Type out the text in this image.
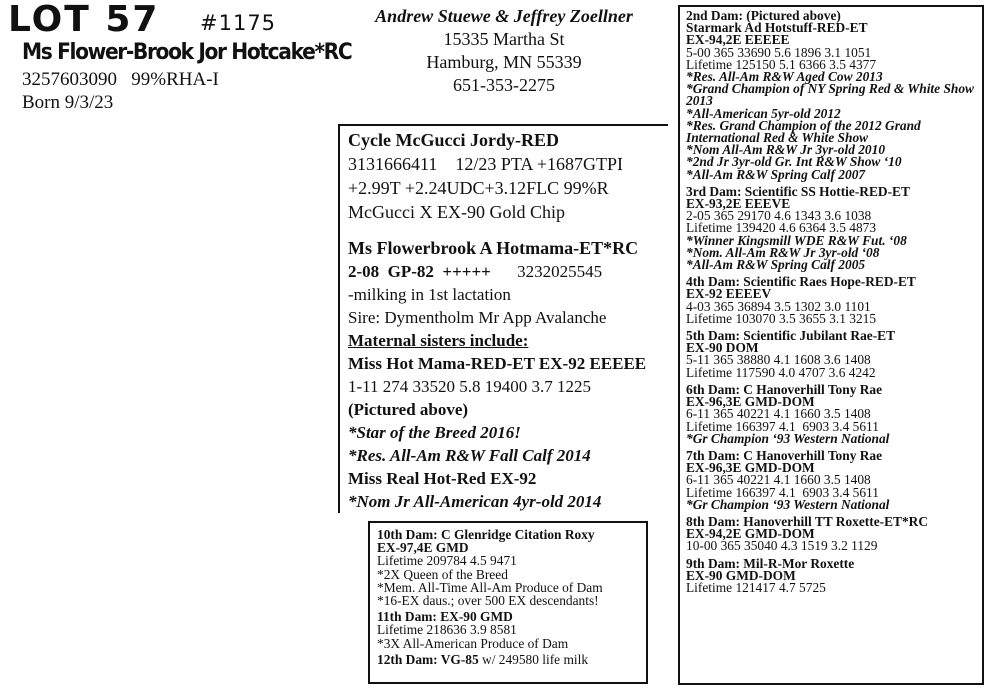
LOT 57 #1175
Ms Flower-Brook Jor Hotcake*RC
3257603090   99%RHA-I
Born 9/3/23
Andrew Stuewe & Jeffrey Zoellner
15335 Martha St
Hamburg, MN 55339
651-353-2275
Cycle McGucci Jordy-RED
3131666411    12/23 PTA +1687GTPI
+2.99T +2.24UDC+3.12FLC 99%R
McGucci X EX-90 Gold Chip
Ms Flowerbrook A Hotmama-ET*RC
2-08  GP-82  +++++ 3232025545
-milking in 1st lactation
Sire: Dymentholm Mr App Avalanche
Maternal sisters include:
Miss Hot Mama-RED-ET EX-92 EEEEE
1-11 274 33520 5.8 19400 3.7 1225
(Pictured above)
*Star of the Breed 2016!
*Res. All-Am R&W Fall Calf 2014
Miss Real Hot-Red EX-92
*Nom Jr All-American 4yr-old 2014
2nd Dam: (Pictured above)
Starmark Ad Hotstuff-RED-ET
EX-94,2E EEEEE
5-00 365 33690 5.6 1896 3.1 1051
Lifetime 125150 5.1 6366 3.5 4377
*Res. All-Am R&W Aged Cow 2013
*Grand Champion of NY Spring Red & White Show 2013
*All-American 5yr-old 2012
*Res. Grand Champion of the 2012 Grand International Red & White Show
*Nom All-Am R&W Jr 3yr-old 2010
*2nd Jr 3yr-old Gr. Int R&W Show ‘10
*All-Am R&W Spring Calf 2007
3rd Dam: Scientific SS Hottie-RED-ET
EX-93,2E EEEVE
2-05 365 29170 4.6 1343 3.6 1038
Lifetime 139420 4.6 6364 3.5 4873
*Winner Kingsmill WDE R&W Fut. ‘08
*Nom. All-Am R&W Jr 3yr-old ‘08
*All-Am R&W Spring Calf 2005
4th Dam: Scientific Raes Hope-RED-ET
EX-92 EEEEV
4-03 365 36894 3.5 1302 3.0 1101
Lifetime 103070 3.5 3655 3.1 3215
5th Dam: Scientific Jubilant Rae-ET
EX-90 DOM
5-11 365 38880 4.1 1608 3.6 1408
Lifetime 117590 4.0 4707 3.6 4242
6th Dam: C Hanoverhill Tony Rae
EX-96,3E GMD-DOM
6-11 365 40221 4.1 1660 3.5 1408
Lifetime 166397 4.1  6903 3.4 5611
*Gr Champion ‘93 Western National
7th Dam: C Hanoverhill Tony Rae
EX-96,3E GMD-DOM
6-11 365 40221 4.1 1660 3.5 1408
Lifetime 166397 4.1  6903 3.4 5611
*Gr Champion ‘93 Western National
8th Dam: Hanoverhill TT Roxette-ET*RC
EX-94,2E GMD-DOM
10-00 365 35040 4.3 1519 3.2 1129
9th Dam: Mil-R-Mor Roxette
EX-90 GMD-DOM
Lifetime 121417 4.7 5725
10th Dam: C Glenridge Citation Roxy
EX-97,4E GMD
Lifetime 209784 4.5 9471
*2X Queen of the Breed
*Mem. All-Time All-Am Produce of Dam
*16-EX daus.; over 500 EX descendants!
11th Dam: EX-90 GMD
Lifetime 218636 3.9 8581
*3X All-American Produce of Dam
12th Dam: VG-85 w/ 249580 life milk
